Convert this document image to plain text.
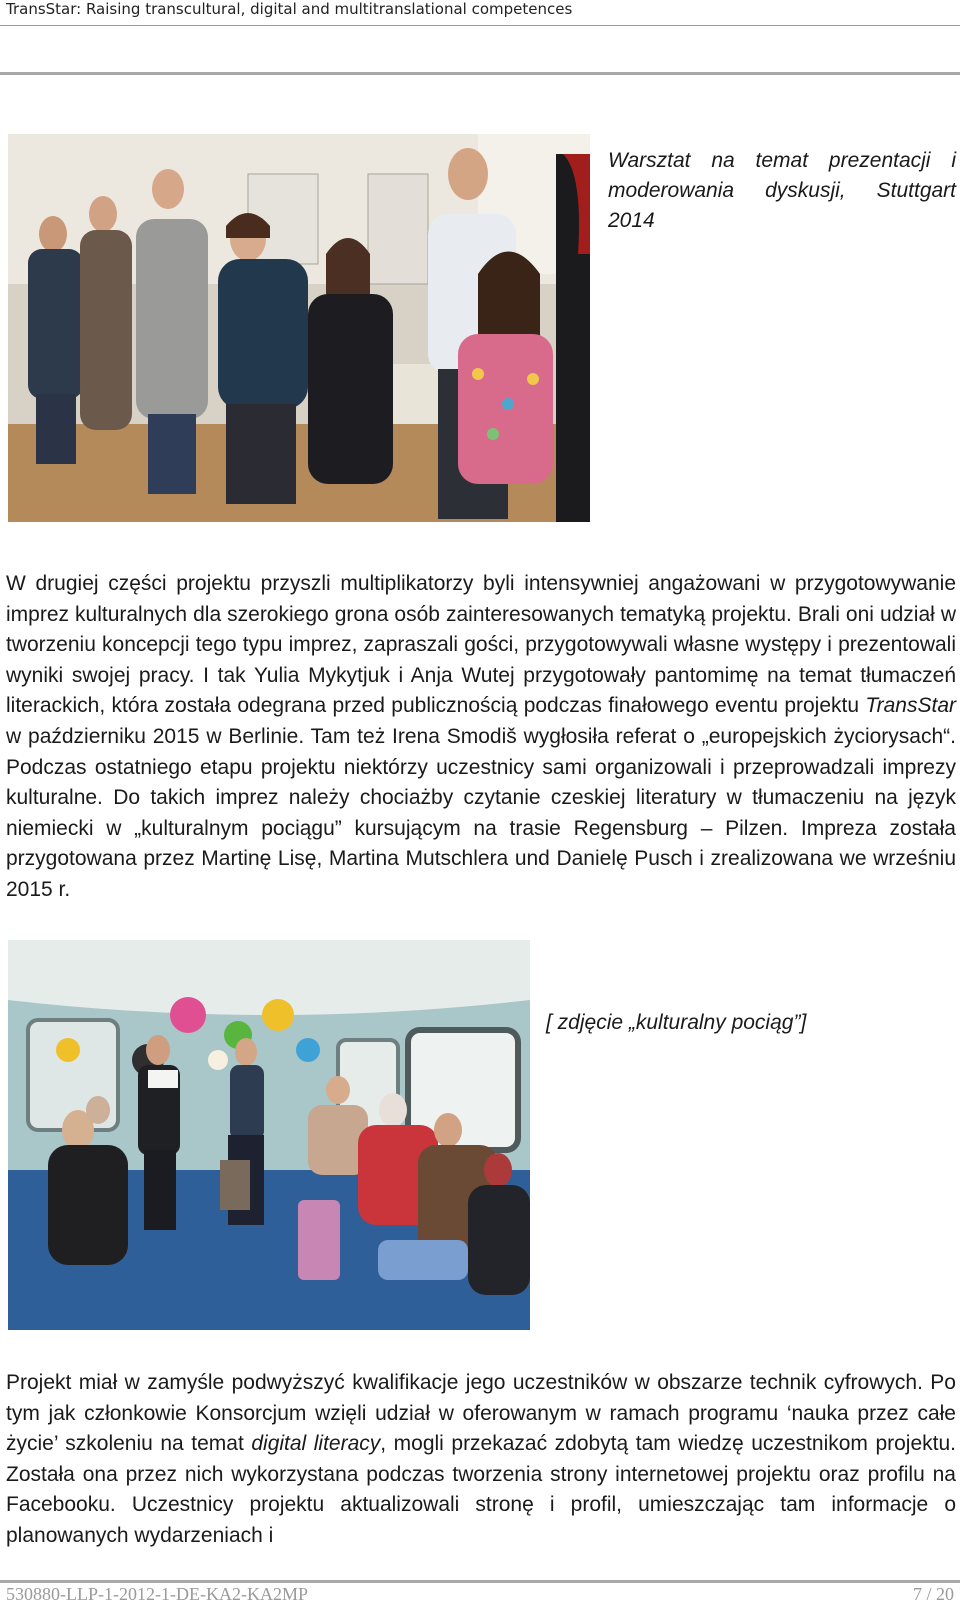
TransStar: Raising transcultural, digital and multitranslational competences
Warsztat na temat prezentacji i moderowania dyskusji, Stuttgart 2014

W drugiej części projektu przyszli multiplikatorzy byli intensywniej angażowani w przygotowywanie imprez kulturalnych dla szerokiego grona osób zainteresowanych tematyką projektu. Brali oni udział w tworzeniu koncepcji tego typu imprez, zapraszali gości, przygotowywali własne występy i prezentowali wyniki swojej pracy. I tak Yulia Mykytjuk i Anja Wutej przygotowały pantomimę na temat tłumaczeń literackich, która została odegrana przed publicznością podczas finałowego eventu projektu TransStar w październiku 2015 w Berlinie. Tam też Irena Smodiš wygłosiła referat o „europejskich życiorysach“. Podczas ostatniego etapu projektu niektórzy uczestnicy sami organizowali i przeprowadzali imprezy kulturalne. Do takich imprez należy chociażby czytanie czeskiej literatury w tłumaczeniu na język niemiecki w „kulturalnym pociągu” kursującym na trasie Regensburg – Pilzen. Impreza została przygotowana przez Martinę Lisę, Martina Mutschlera und Danielę Pusch i zrealizowana we wrześniu 2015 r.

[ zdjęcie „kulturalny pociąg”]

Projekt miał w zamyśle podwyższyć kwalifikacje jego uczestników w obszarze technik cyfrowych. Po tym jak członkowie Konsorcjum wzięli udział w oferowanym w ramach programu ‘nauka przez całe życie’ szkoleniu na temat digital literacy, mogli przekazać zdobytą tam wiedzę uczestnikom projektu. Została ona przez nich wykorzystana podczas tworzenia strony internetowej projektu oraz profilu na Facebooku. Uczestnicy projektu aktualizowali stronę i profil, umieszczając tam informacje o planowanych wydarzeniach i

530880-LLP-1-2012-1-DE-KA2-KA2MP	7 / 20
